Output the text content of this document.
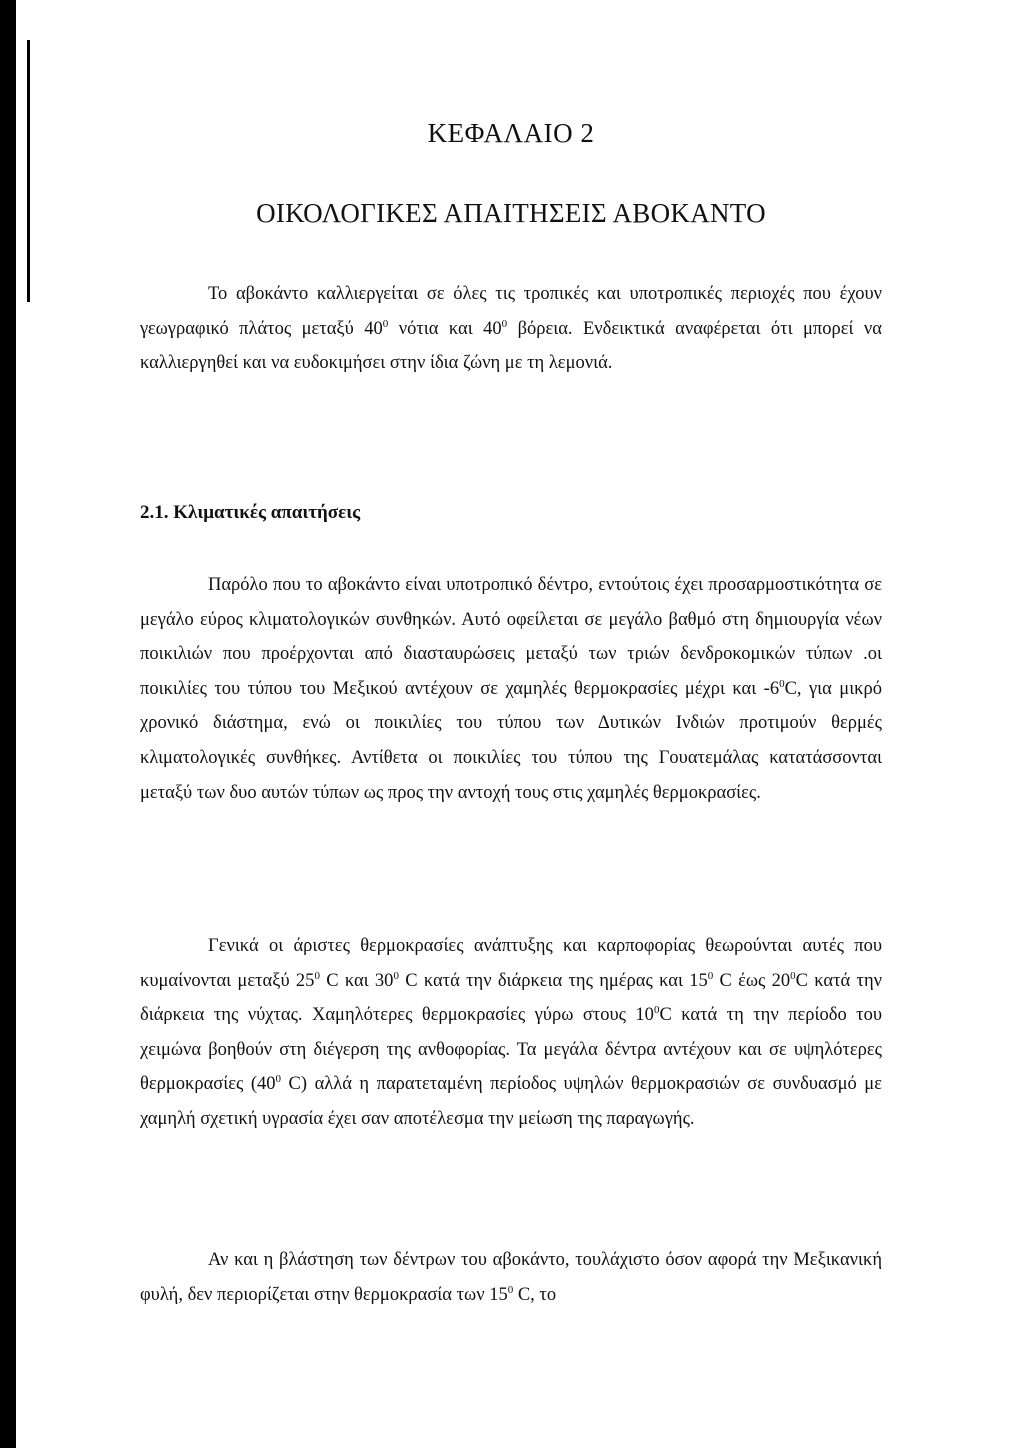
ΚΕΦΑΛΑΙΟ 2
ΟΙΚΟΛΟΓΙΚΕΣ ΑΠΑΙΤΗΣΕΙΣ ΑΒΟΚΑΝΤΟ

Το αβοκάντο καλλιεργείται σε όλες τις τροπικές και υποτροπικές περιοχές που έχουν γεωγραφικό πλάτος μεταξύ $40^0$ νότια και $40^0$ βόρεια. Ενδεικτικά αναφέρεται ότι μπορεί να καλλιεργηθεί και να ευδοκιμήσει στην ίδια ζώνη με τη λεμονιά.

2.1. Κλιματικές απαιτήσεις

Παρόλο που το αβοκάντο είναι υποτροπικό δέντρο, εντούτοις έχει προσαρμοστικότητα σε μεγάλο εύρος κλιματολογικών συνθηκών. Αυτό οφείλεται σε μεγάλο βαθμό στη δημιουργία νέων ποικιλιών που προέρχονται από διασταυρώσεις μεταξύ των τριών δενδροκομικών τύπων .οι ποικιλίες του τύπου του Μεξικού αντέχουν σε χαμηλές θερμοκρασίες μέχρι και $-6^0C$, για μικρό χρονικό διάστημα, ενώ οι ποικιλίες του τύπου των Δυτικών Ινδιών προτιμούν θερμές κλιματολογικές συνθήκες. Αντίθετα οι ποικιλίες του τύπου της Γουατεμάλας κατατάσσονται μεταξύ των δυο αυτών τύπων ως προς την αντοχή τους στις χαμηλές θερμοκρασίες.

Γενικά οι άριστες θερμοκρασίες ανάπτυξης και καρποφορίας θεωρούνται αυτές που κυμαίνονται μεταξύ $25^0$ C και $30^0$ C κατά την διάρκεια της ημέρας και $15^0$ C έως $20^0C$ κατά την διάρκεια της νύχτας. Χαμηλότερες θερμοκρασίες γύρω στους $10^0C$ κατά τη την περίοδο του χειμώνα βοηθούν στη διέγερση της ανθοφορίας. Τα μεγάλα δέντρα αντέχουν και σε υψηλότερες θερμοκρασίες ($40^0$ C) αλλά η παρατεταμένη περίοδος υψηλών θερμοκρασιών σε συνδυασμό με χαμηλή σχετική υγρασία έχει σαν αποτέλεσμα την μείωση της παραγωγής.

Αν και η βλάστηση των δέντρων του αβοκάντο, τουλάχιστο όσον αφορά την Μεξικανική φυλή, δεν περιορίζεται στην θερμοκρασία των $15^0$ C, το
